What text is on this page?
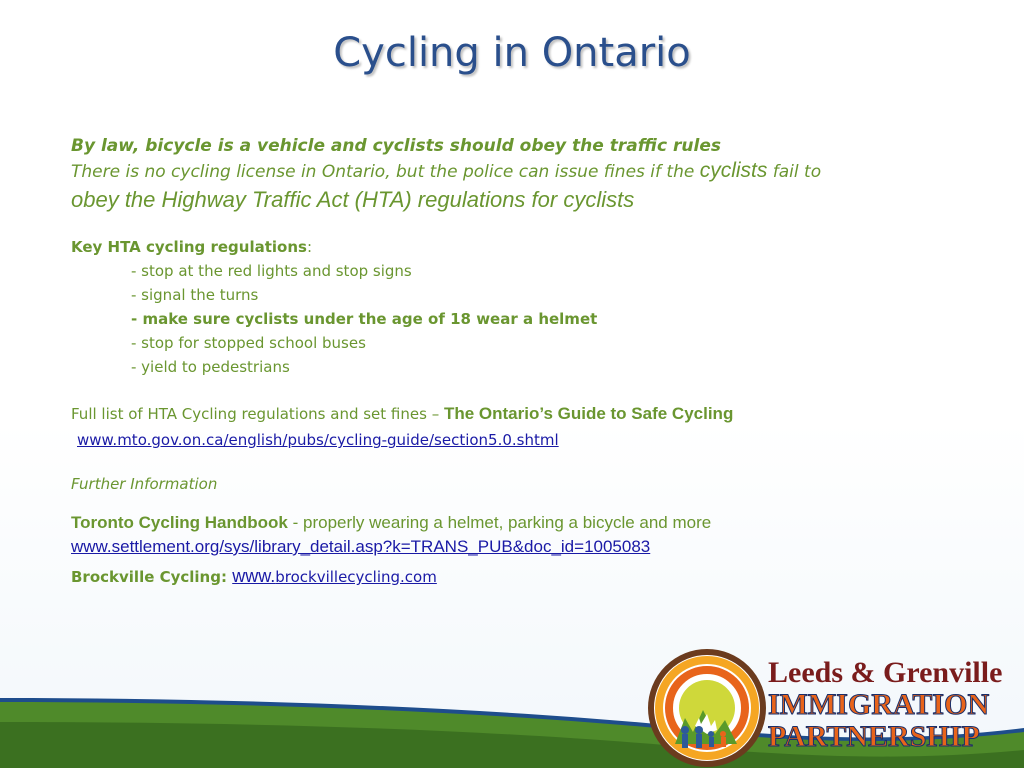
Cycling in Ontario
By law, bicycle is a vehicle and cyclists should obey the traffic rules
There is no cycling license in Ontario, but the police can issue fines if the cyclists fail to
obey the Highway Traffic Act (HTA) regulations for cyclists
Key HTA cycling regulations:
- stop at the red lights and stop signs
- signal the turns
- make sure cyclists under the age of 18 wear a helmet
- stop for stopped school buses
- yield to pedestrians
Full list of HTA Cycling regulations and set fines – The Ontario’s Guide to Safe Cycling
www.mto.gov.on.ca/english/pubs/cycling-guide/section5.0.shtml
Further Information
Toronto Cycling Handbook - properly wearing a helmet, parking a bicycle and more
www.settlement.org/sys/library_detail.asp?k=TRANS_PUB&doc_id=1005083
Brockville Cycling: www.brockvillecycling.com
Leeds & Grenville
IMMIGRATION
PARTNERSHIP
